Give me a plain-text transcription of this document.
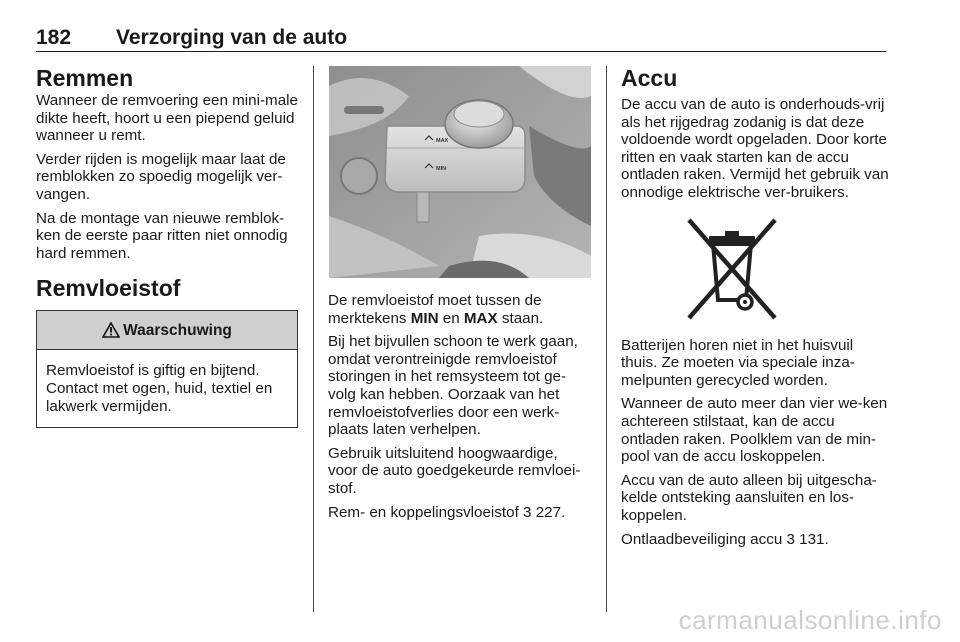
182 Verzorging van de auto
Remmen

Wanneer de remvoering een mini-male dikte heeft, hoort u een piepend geluid wanneer u remt.

Verder rijden is mogelijk maar laat de remblokken zo spoedig mogelijk ver-vangen.

Na de montage van nieuwe remblok-ken de eerste paar ritten niet onnodig hard remmen.

Remvloeistof
Waarschuwing
Remvloeistof is giftig en bijtend. Contact met ogen, huid, textiel en lakwerk vermijden.
MAX
MIN

De remvloeistof moet tussen de merktekens MIN en MAX staan.

Bij het bijvullen schoon te werk gaan, omdat verontreinigde remvloeistof storingen in het remsysteem tot ge-volg kan hebben. Oorzaak van het remvloeistofverlies door een werk-plaats laten verhelpen.

Gebruik uitsluitend hoogwaardige, voor de auto goedgekeurde remvloei-stof.

Rem- en koppelingsvloeistof 3 227.

Accu

De accu van de auto is onderhouds-vrij als het rijgedrag zodanig is dat deze voldoende wordt opgeladen. Door korte ritten en vaak starten kan de accu ontladen raken. Vermijd het gebruik van onnodige elektrische ver-bruikers.

Batterijen horen niet in het huisvuil thuis. Ze moeten via speciale inza-melpunten gerecycled worden.

Wanneer de auto meer dan vier we-ken achtereen stilstaat, kan de accu ontladen raken. Poolklem van de min-pool van de accu loskoppelen.

Accu van de auto alleen bij uitgescha-kelde ontsteking aansluiten en los-koppelen.

Ontlaadbeveiliging accu 3 131.

carmanualsonline.info
